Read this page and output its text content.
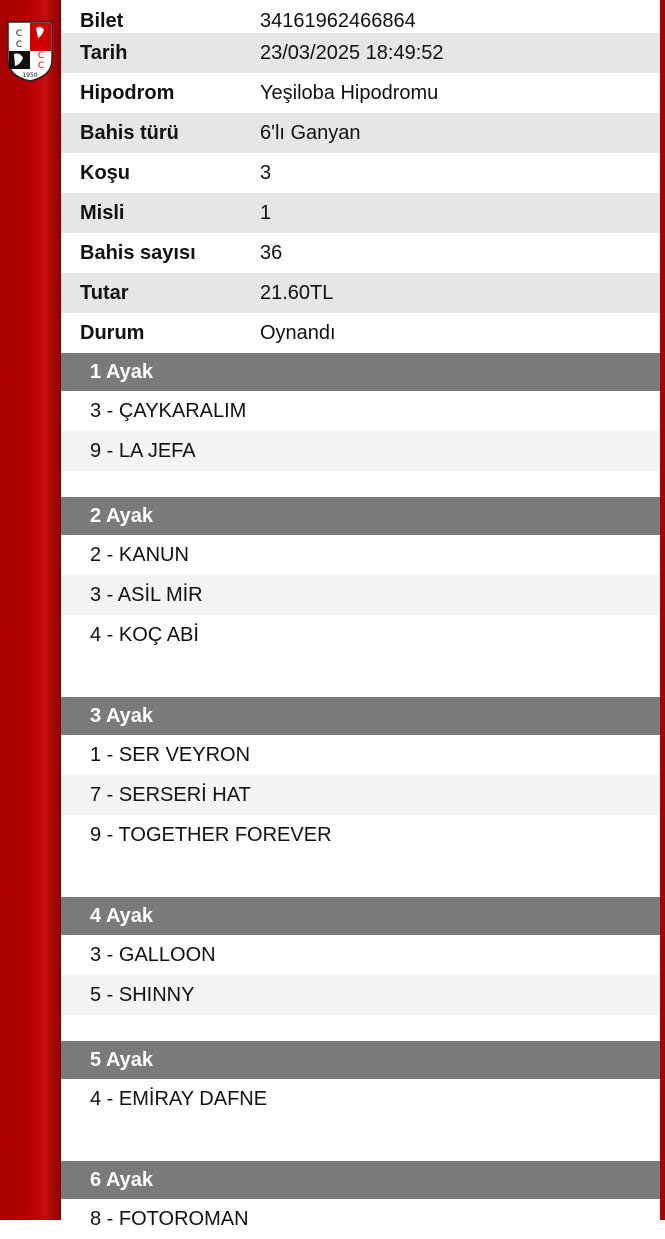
C
C
C
C
1950
Bilet	34161962466864
Tarih	23/03/2025 18:49:52
Hipodrom	Yeşiloba Hipodromu
Bahis türü	6'lı Ganyan
Koşu	3
Misli	1
Bahis sayısı	36
Tutar	21.60TL
Durum	Oynandı
1 Ayak
3 - ÇAYKARALIM
9 - LA JEFA
2 Ayak
2 - KANUN
3 - ASİL MİR
4 - KOÇ ABİ
3 Ayak
1 - SER VEYRON
7 - SERSERİ HAT
9 - TOGETHER FOREVER
4 Ayak
3 - GALLOON
5 - SHINNY
5 Ayak
4 - EMİRAY DAFNE
6 Ayak
8 - FOTOROMAN
